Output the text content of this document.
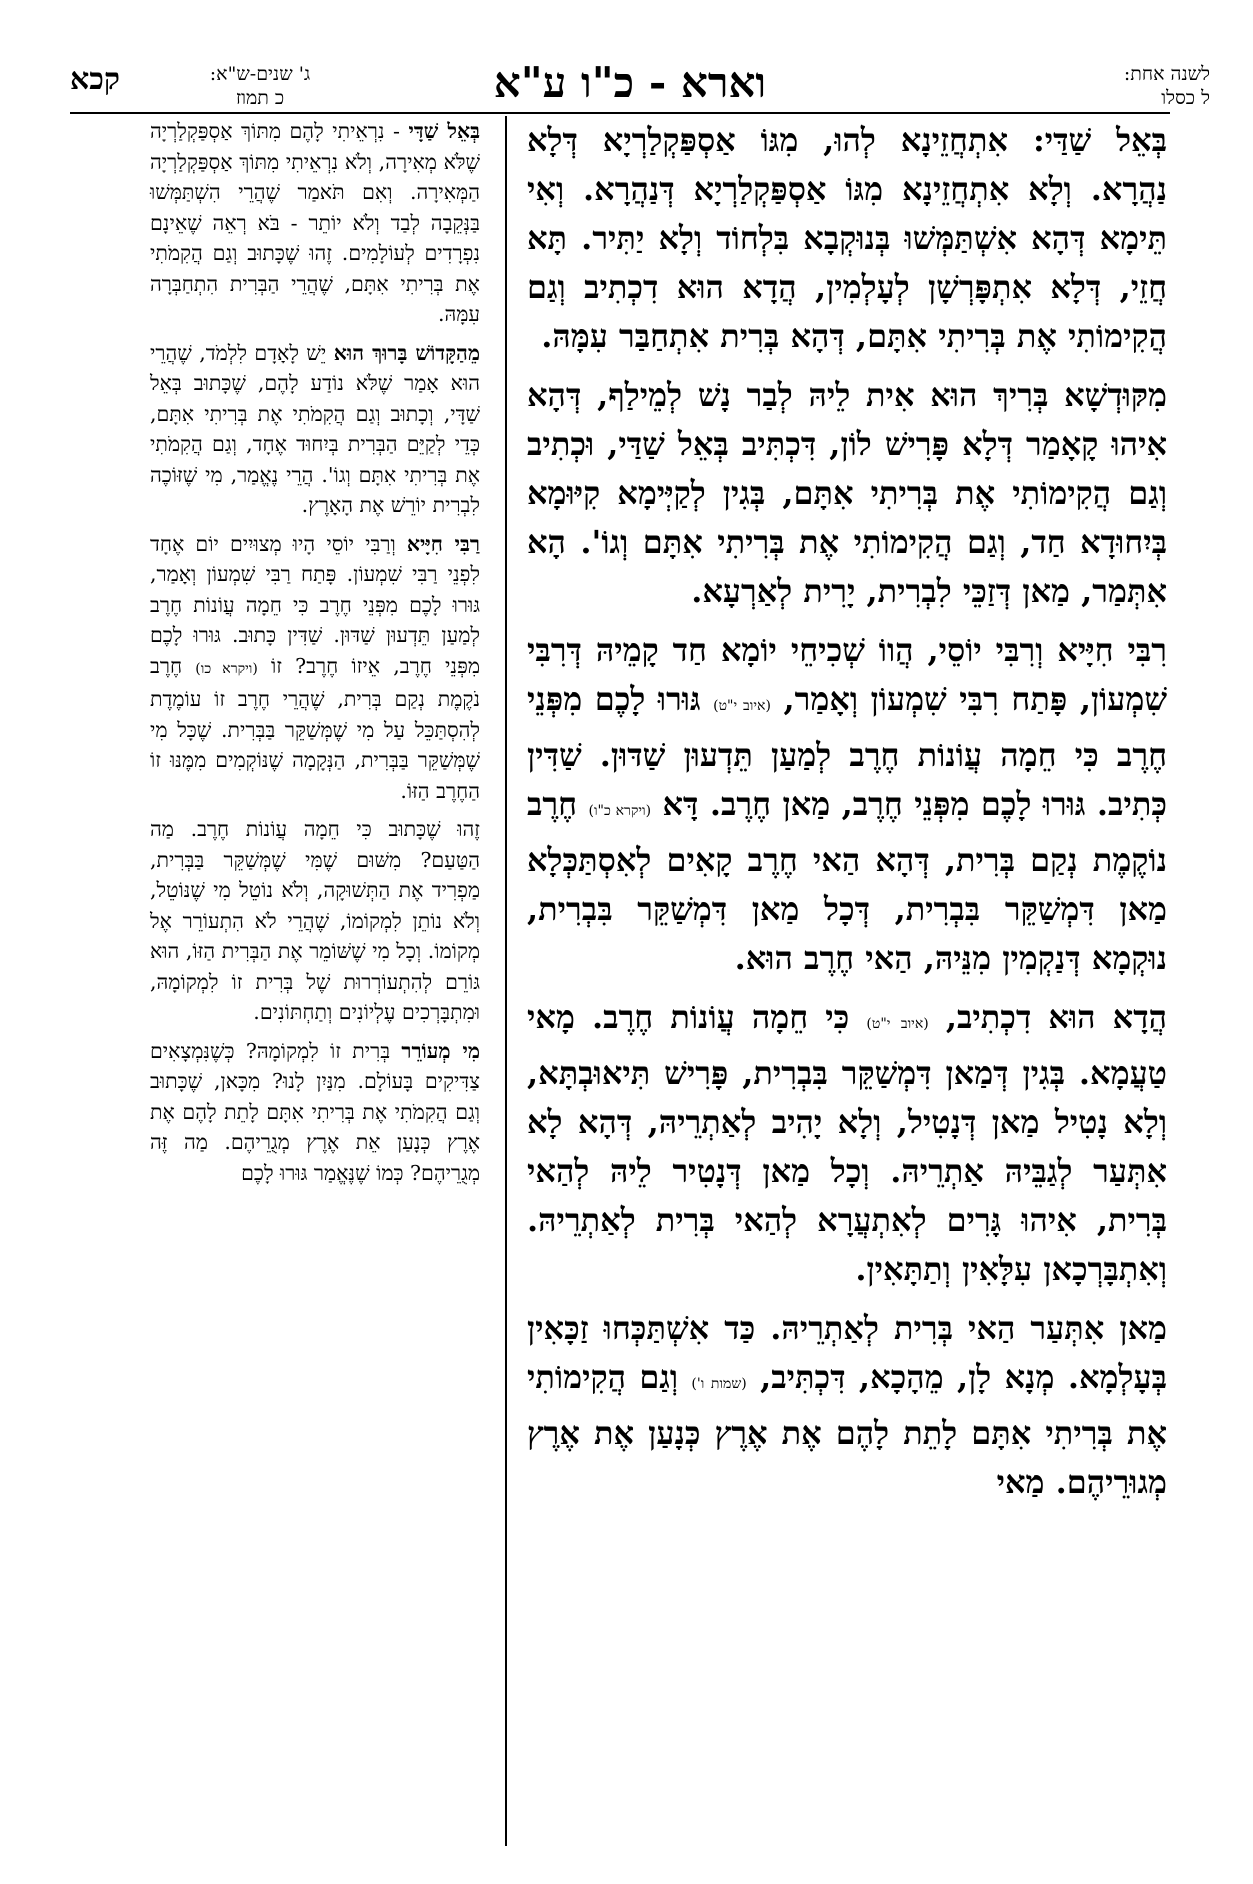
לשנה אחת:
ל כסלו
וארא - כ"ו ע"א
ג' שנים-ש"א:
כ תמוז
קכא

בְּאֵל שַׁדַּי: אִתְחֲזֵינָא לְהוּ, מִגּוֹ אַסְפַּקְלַרְיָא דְּלָא נַהֲרָא. וְלָא אִתְחֲזֵינָא מִגּוֹ אַסְפַּקְלַרְיָא דְּנַהֲרָא. וְאִי תֵּימָא דְּהָא אִשְׁתַּמְּשׁוּ בְּנוּקְבָא בִּלְחוֹד וְלָא יַתִּיר. תָּא חֲזֵי, דְּלָא אִתְפָּרְשָׁן לְעָלְמִין, הֲדָא הוּא דִכְתִיב וְגַם הֲקִימוֹתִי אֶת בְּרִיתִי אִתָּם, דְּהָא בְּרִית אִתְחַבַּר עִמָּהּ.

מִקּוּדְשָׁא בְּרִיךְ הוּא אִית לֵיהּ לְבַר נָשׁ לְמֵילַף, דְּהָא אִיהוּ קָאָמַר דְּלָא פָּרִישׁ לוֹן, דִּכְתִּיב בְּאֵל שַׁדַּי, וּכְתִיב וְגַם הֲקִימוֹתִי אֶת בְּרִיתִי אִתָּם, בְּגִין לְקַיְּימָא קִיּוּמָא בְּיִחוּדָא חַד, וְגַם הֲקִימוֹתִי אֶת בְּרִיתִי אִתָּם וְגוֹ'. הָא אִתְּמַר, מַאן דְּזַכֵּי לִבְרִית, יָרִית לְאַרְעָא.

רִבִּי חִיָּיא וְרִבִּי יוֹסֵי, הֲווֹ שְׁכִיחֵי יוֹמָא חַד קָמֵיהּ דְּרִבִּי שִׁמְעוֹן, פָּתַח רִבִּי שִׁמְעוֹן וְאָמַר, (איוב י"ט) גּוּרוּ לָכֶם מִפְּנֵי חֶרֶב כִּי חֵמָה עֲוֹנוֹת חֶרֶב לְמַעַן תֵּדְעוּן שַׁדּוּן. שַׁדִּין כְּתִיב. גּוּרוּ לָכֶם מִפְּנֵי חֶרֶב, מַאן חֶרֶב. דָּא (ויקרא כ"ו) חֶרֶב נוֹקֶמֶת נְקַם בְּרִית, דְּהָא הַאי חֶרֶב קָאִים לְאִסְתַּכְּלָא מַאן דִּמְשַׁקֵּר בִּבְרִית, דְּכָל מַאן דִּמְשַׁקֵּר בִּבְרִית, נוּקְמָא דְּנַקְמִין מִנֵּיהּ, הַאי חֶרֶב הוּא.

הֲדָא הוּא דִכְתִיב, (איוב י"ט) כִּי חֵמָה עֲוֹנוֹת חֶרֶב. מָאי טַעֲמָא. בְּגִין דְּמַאן דִּמְשַׁקֵּר בִּבְרִית, פָּרִישׁ תִּיאוּבְתָּא, וְלָא נָטִיל מַאן דְּנָטִיל, וְלָא יָהִיב לְאַתְרֵיהּ, דְּהָא לָא אִתְּעַר לְגַבֵּיהּ אַתְרֵיהּ. וְכָל מַאן דְּנָטִיר לֵיהּ לְהַאי בְּרִית, אִיהוּ גָּרִים לְאִתְעֲרָא לְהַאי בְּרִית לְאַתְרֵיהּ. וְאִתְבָּרְכָאן עִלָּאִין וְתַתָּאִין.

מַאן אִתְּעַר הַאי בְּרִית לְאַתְרֵיהּ. כַּד אִשְׁתַּכְּחוּ זַכָּאִין בְּעָלְמָא. מְנָא לָן, מֵהָכָא, דִּכְתִּיב, (שמות ו') וְגַם הֲקִימוֹתִי אֶת בְּרִיתִי אִתָּם לָתֵת לָהֶם אֶת אֶרֶץ כְּנָעַן אֶת אֶרֶץ מְגוּרֵיהֶם. מַאי

בְּאֵל שַׁדָּי - נִרְאֵיתִי לָהֶם מִתּוֹךְ אַסְפַּקְלַרְיָה שֶׁלֹּא מְאִירָה, וְלֹא נִרְאֵיתִי מִתּוֹךְ אַסְפַּקְלַרְיָה הַמְּאִירָה. וְאִם תֹּאמַר שֶׁהֲרֵי הִשְׁתַּמְּשׁוּ בַּנְּקֵבָה לְבַד וְלֹא יוֹתֵר - בֹּא רְאֵה שֶׁאֵינָם נִפְרָדִים לְעוֹלָמִים. זֶהוּ שֶׁכָּתוּב וְגַם הֲקִמֹתִי אֶת בְּרִיתִי אִתָּם, שֶׁהֲרֵי הַבְּרִית הִתְחַבְּרָה עִמָּהּ.

מֵהַקָּדוֹשׁ בָּרוּךְ הוּא יֵשׁ לָאָדָם לִלְמֹד, שֶׁהֲרֵי הוּא אָמַר שֶׁלֹּא נוֹדַע לָהֶם, שֶׁכָּתוּב בְּאֵל שַׁדָּי, וְכָתוּב וְגַם הֲקִמֹתִי אֶת בְּרִיתִי אִתָּם, כְּדֵי לְקַיֵּם הַבְּרִית בְּיִחוּד אֶחָד, וְגַם הֲקִמֹתִי אֶת בְּרִיתִי אִתָּם וְגוֹ'. הֲרֵי נֶאֱמַר, מִי שֶׁזּוֹכֶה לִבְרִית יוֹרֵשׁ אֶת הָאָרֶץ.

רַבִּי חִיָּיא וְרַבִּי יוֹסֵי הָיוּ מְצוּיִים יוֹם אֶחָד לִפְנֵי רַבִּי שִׁמְעוֹן. פָּתַח רַבִּי שִׁמְעוֹן וְאָמַר, גּוּרוּ לָכֶם מִפְּנֵי חֶרֶב כִּי חֵמָה עֲוֹנוֹת חֶרֶב לְמַעַן תֵּדְעוּן שַׁדּוּן. שַׁדִּין כָּתוּב. גּוּרוּ לָכֶם מִפְּנֵי חֶרֶב, אֵיזוֹ חֶרֶב? זוֹ (ויקרא כו) חֶרֶב נֹקֶמֶת נְקַם בְּרִית, שֶׁהֲרֵי חֶרֶב זוֹ עוֹמֶדֶת לְהִסְתַּכֵּל עַל מִי שֶׁמְּשַׁקֵּר בַּבְּרִית. שֶׁכָּל מִי שֶׁמְּשַׁקֵּר בַּבְּרִית, הַנְּקָמָה שֶׁנּוֹקְמִים מִמֶּנּוּ זוֹ הַחֶרֶב הַזּוֹ.

זֶהוּ שֶׁכָּתוּב כִּי חֵמָה עֲוֹנוֹת חֶרֶב. מַה הַטַּעַם? מִשּׁוּם שֶׁמִּי שֶׁמְּשַׁקֵּר בַּבְּרִית, מַפְרִיד אֶת הַתְּשׁוּקָה, וְלֹא נוֹטֵל מִי שֶׁנּוֹטֵל, וְלֹא נוֹתֵן לִמְקוֹמוֹ, שֶׁהֲרֵי לֹא הִתְעוֹרֵר אֶל מְקוֹמוֹ. וְכָל מִי שֶׁשּׁוֹמֵר אֶת הַבְּרִית הַזּוֹ, הוּא גּוֹרֵם לְהִתְעוֹרְרוּת שֶׁל בְּרִית זוֹ לִמְקוֹמָהּ, וּמִתְבָּרְכִים עֶלְיוֹנִים וְתַחְתּוֹנִים.

מִי מְעוֹרֵר בְּרִית זוֹ לִמְקוֹמָהּ? כְּשֶׁנִּמְצָאִים צַדִּיקִים בָּעוֹלָם. מִנַּיִן לָנוּ? מִכָּאן, שֶׁכָּתוּב וְגַם הֲקִמֹתִי אֶת בְּרִיתִי אִתָּם לָתֵת לָהֶם אֶת אֶרֶץ כְּנָעַן אֵת אֶרֶץ מְגֻרֵיהֶם. מַה זֶּה מְגֻרֵיהֶם? כְּמוֹ שֶׁנֶּאֱמַר גּוּרוּ לָכֶם
